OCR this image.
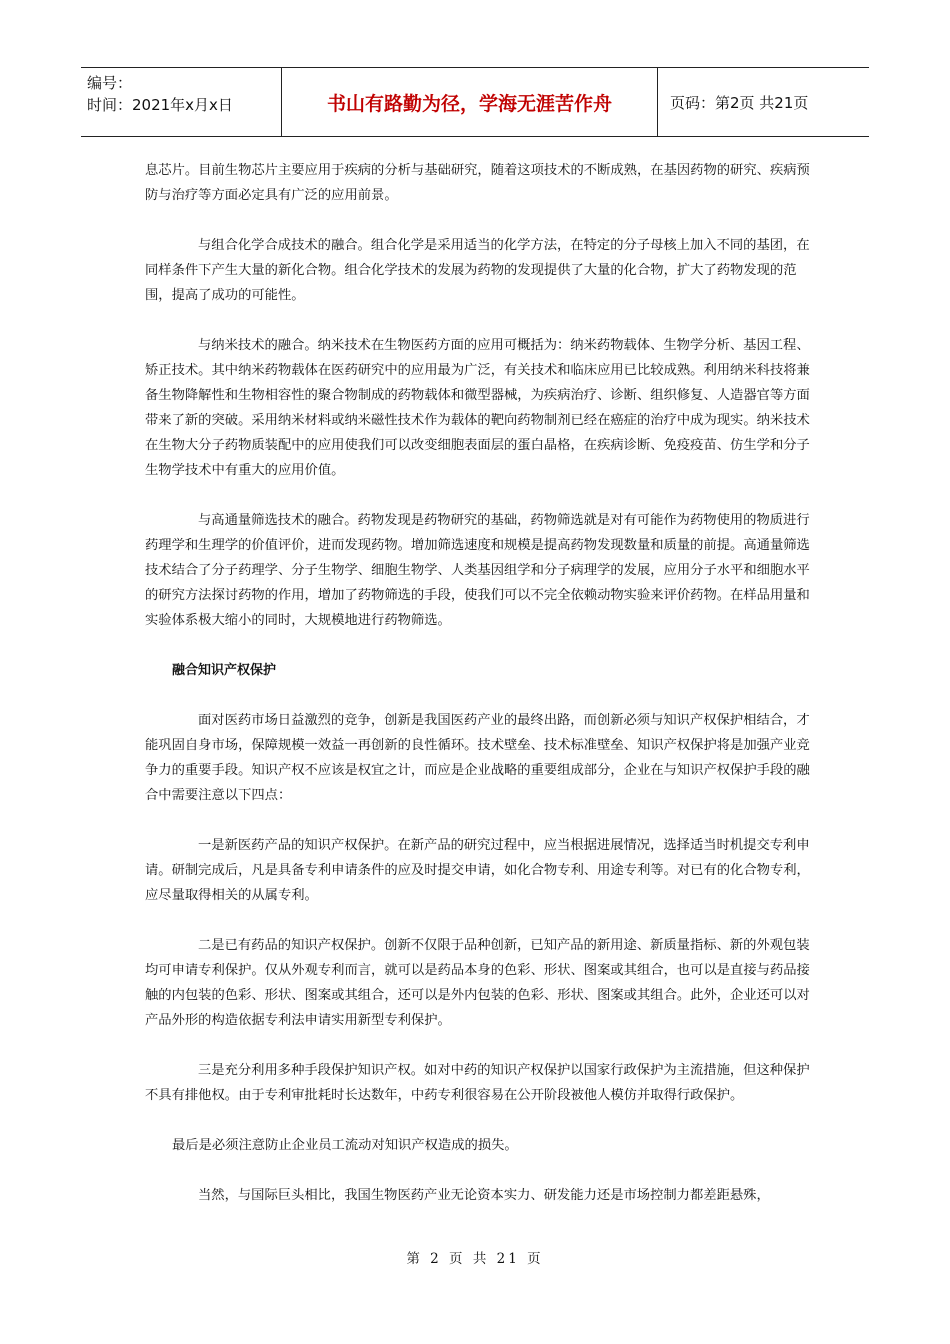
编号：
时间：2021年x月x日	书山有路勤为径，学海无涯苦作舟	页码：第2页 共21页

息芯片。目前生物芯片主要应用于疾病的分析与基础研究，随着这项技术的不断成熟，在基因药物的研究、疾病预防与治疗等方面必定具有广泛的应用前景。

与组合化学合成技术的融合。组合化学是采用适当的化学方法，在特定的分子母核上加入不同的基团，在同样条件下产生大量的新化合物。组合化学技术的发展为药物的发现提供了大量的化合物，扩大了药物发现的范围，提高了成功的可能性。

与纳米技术的融合。纳米技术在生物医药方面的应用可概括为：纳米药物载体、生物学分析、基因工程、矫正技术。其中纳米药物载体在医药研究中的应用最为广泛，有关技术和临床应用已比较成熟。利用纳米科技将兼备生物降解性和生物相容性的聚合物制成的药物载体和微型器械，为疾病治疗、诊断、组织修复、人造器官等方面带来了新的突破。采用纳米材料或纳米磁性技术作为载体的靶向药物制剂已经在癌症的治疗中成为现实。纳米技术在生物大分子药物质装配中的应用使我们可以改变细胞表面层的蛋白晶格，在疾病诊断、免疫疫苗、仿生学和分子生物学技术中有重大的应用价值。

与高通量筛选技术的融合。药物发现是药物研究的基础，药物筛选就是对有可能作为药物使用的物质进行药理学和生理学的价值评价，进而发现药物。增加筛选速度和规模是提高药物发现数量和质量的前提。高通量筛选技术结合了分子药理学、分子生物学、细胞生物学、人类基因组学和分子病理学的发展，应用分子水平和细胞水平的研究方法探讨药物的作用，增加了药物筛选的手段，使我们可以不完全依赖动物实验来评价药物。在样品用量和实验体系极大缩小的同时，大规模地进行药物筛选。

融合知识产权保护

面对医药市场日益激烈的竞争，创新是我国医药产业的最终出路，而创新必须与知识产权保护相结合，才能巩固自身市场，保障规模一效益一再创新的良性循环。技术壁垒、技术标准壁垒、知识产权保护将是加强产业竞争力的重要手段。知识产权不应该是权宜之计，而应是企业战略的重要组成部分，企业在与知识产权保护手段的融合中需要注意以下四点：

一是新医药产品的知识产权保护。在新产品的研究过程中，应当根据进展情况，选择适当时机提交专利申请。研制完成后，凡是具备专利申请条件的应及时提交申请，如化合物专利、用途专利等。对已有的化合物专利，应尽量取得相关的从属专利。

二是已有药品的知识产权保护。创新不仅限于品种创新，已知产品的新用途、新质量指标、新的外观包装均可申请专利保护。仅从外观专利而言，就可以是药品本身的色彩、形状、图案或其组合，也可以是直接与药品接触的内包装的色彩、形状、图案或其组合，还可以是外内包装的色彩、形状、图案或其组合。此外，企业还可以对产品外形的构造依据专利法申请实用新型专利保护。

三是充分利用多种手段保护知识产权。如对中药的知识产权保护以国家行政保护为主流措施，但这种保护不具有排他权。由于专利审批耗时长达数年，中药专利很容易在公开阶段被他人模仿并取得行政保护。

最后是必须注意防止企业员工流动对知识产权造成的损失。

当然，与国际巨头相比，我国生物医药产业无论资本实力、研发能力还是市场控制力都差距悬殊，

第 2 页 共 21 页
